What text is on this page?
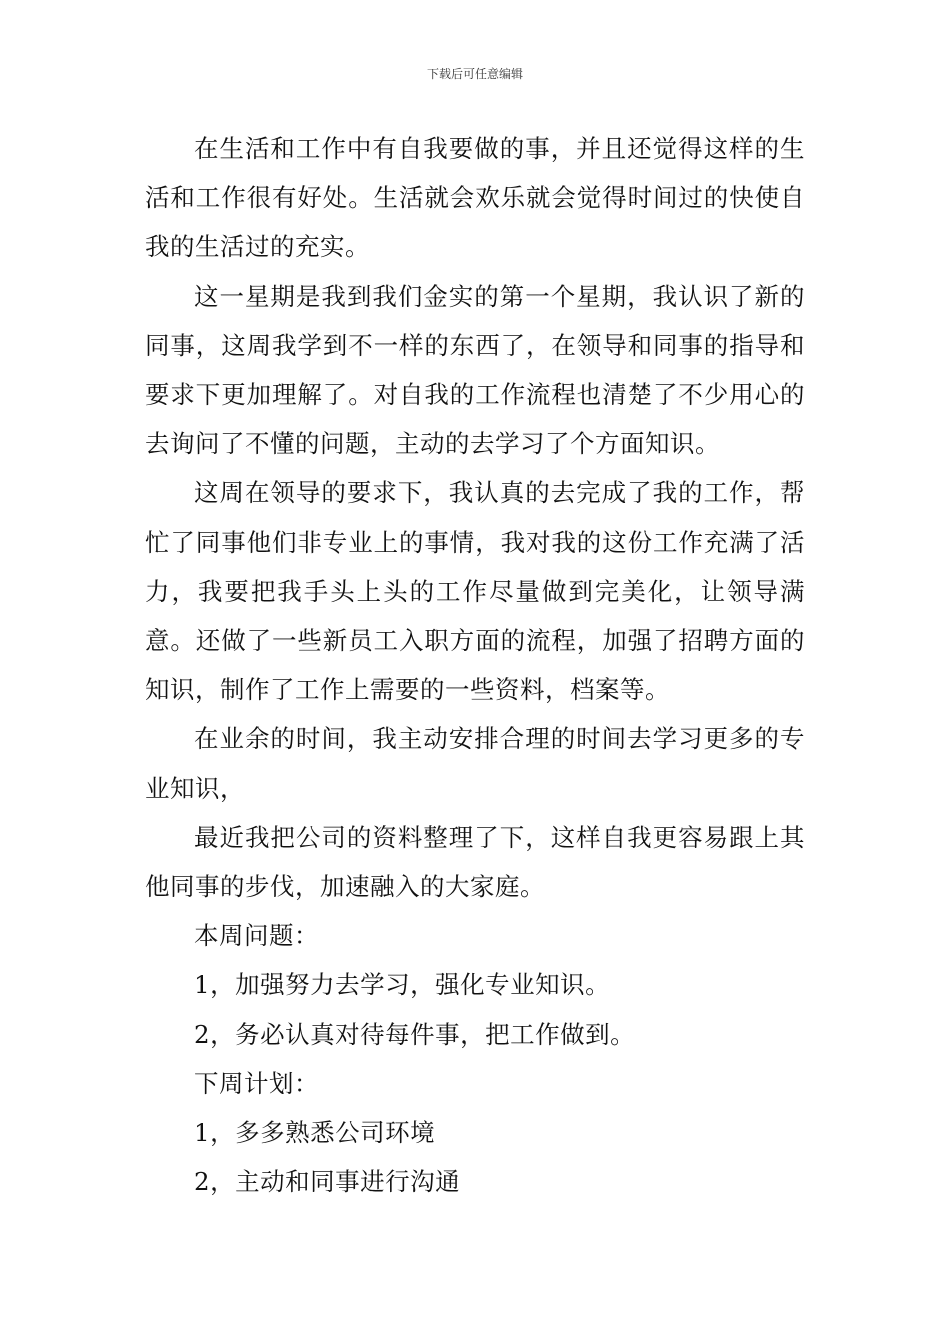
下载后可任意编辑

在生活和工作中有自我要做的事，并且还觉得这样的生活和工作很有好处。生活就会欢乐就会觉得时间过的快使自我的生活过的充实。

这一星期是我到我们金实的第一个星期，我认识了新的同事，这周我学到不一样的东西了，在领导和同事的指导和要求下更加理解了。对自我的工作流程也清楚了不少用心的去询问了不懂的问题，主动的去学习了个方面知识。

这周在领导的要求下，我认真的去完成了我的工作，帮忙了同事他们非专业上的事情，我对我的这份工作充满了活力，我要把我手头上头的工作尽量做到完美化，让领导满意。还做了一些新员工入职方面的流程，加强了招聘方面的知识，制作了工作上需要的一些资料，档案等。

在业余的时间，我主动安排合理的时间去学习更多的专业知识，

最近我把公司的资料整理了下，这样自我更容易跟上其他同事的步伐，加速融入的大家庭。

本周问题：

1，加强努力去学习，强化专业知识。

2，务必认真对待每件事，把工作做到。

下周计划：

1，多多熟悉公司环境

2，主动和同事进行沟通
